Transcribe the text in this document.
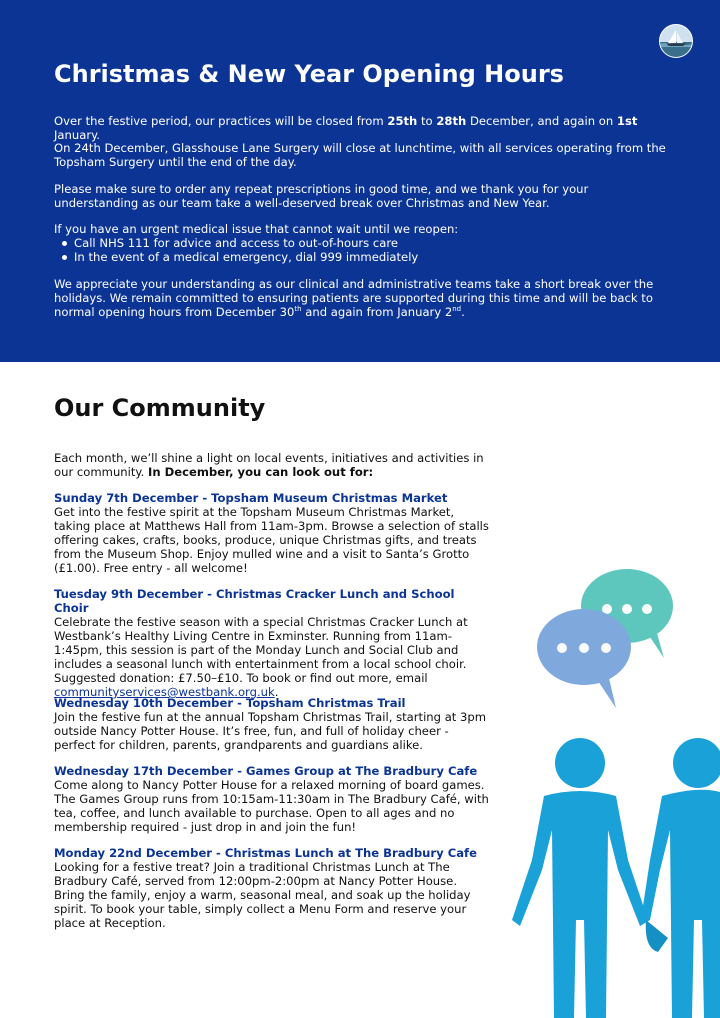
Christmas & New Year Opening Hours

Over the festive period, our practices will be closed from 25th to 28th December, and again on 1st January.

On 24th December, Glasshouse Lane Surgery will close at lunchtime, with all services operating from the Topsham Surgery until the end of the day.

Please make sure to order any repeat prescriptions in good time, and we thank you for your understanding as our team take a well-deserved break over Christmas and New Year.

If you have an urgent medical issue that cannot wait until we reopen:

Call NHS 111 for advice and access to out-of-hours care
In the event of a medical emergency, dial 999 immediately

We appreciate your understanding as our clinical and administrative teams take a short break over the holidays. We remain committed to ensuring patients are supported during this time and will be back to normal opening hours from December 30th and again from January 2nd.

Our Community

Each month, we’ll shine a light on local events, initiatives and activities in our community. In December, you can look out for:

Sunday 7th December - Topsham Museum Christmas Market
Get into the festive spirit at the Topsham Museum Christmas Market, taking place at Matthews Hall from 11am-3pm. Browse a selection of stalls offering cakes, crafts, books, produce, unique Christmas gifts, and treats from the Museum Shop. Enjoy mulled wine and a visit to Santa’s Grotto (£1.00). Free entry - all welcome!
Tuesday 9th December - Christmas Cracker Lunch and School Choir
Celebrate the festive season with a special Christmas Cracker Lunch at Westbank’s Healthy Living Centre in Exminster. Running from 11am-1:45pm, this session is part of the Monday Lunch and Social Club and includes a seasonal lunch with entertainment from a local school choir. Suggested donation: £7.50–£10. To book or find out more, email communityservices@westbank.org.uk.
Wednesday 10th December - Topsham Christmas Trail
Join the festive fun at the annual Topsham Christmas Trail, starting at 3pm outside Nancy Potter House. It’s free, fun, and full of holiday cheer - perfect for children, parents, grandparents and guardians alike.
Wednesday 17th December - Games Group at The Bradbury Cafe
Come along to Nancy Potter House for a relaxed morning of board games. The Games Group runs from 10:15am-11:30am in The Bradbury Café, with tea, coffee, and lunch available to purchase. Open to all ages and no membership required - just drop in and join the fun!
Monday 22nd December - Christmas Lunch at The Bradbury Cafe
Looking for a festive treat? Join a traditional Christmas Lunch at The Bradbury Café, served from 12:00pm-2:00pm at Nancy Potter House. Bring the family, enjoy a warm, seasonal meal, and soak up the holiday spirit. To book your table, simply collect a Menu Form and reserve your place at Reception.
